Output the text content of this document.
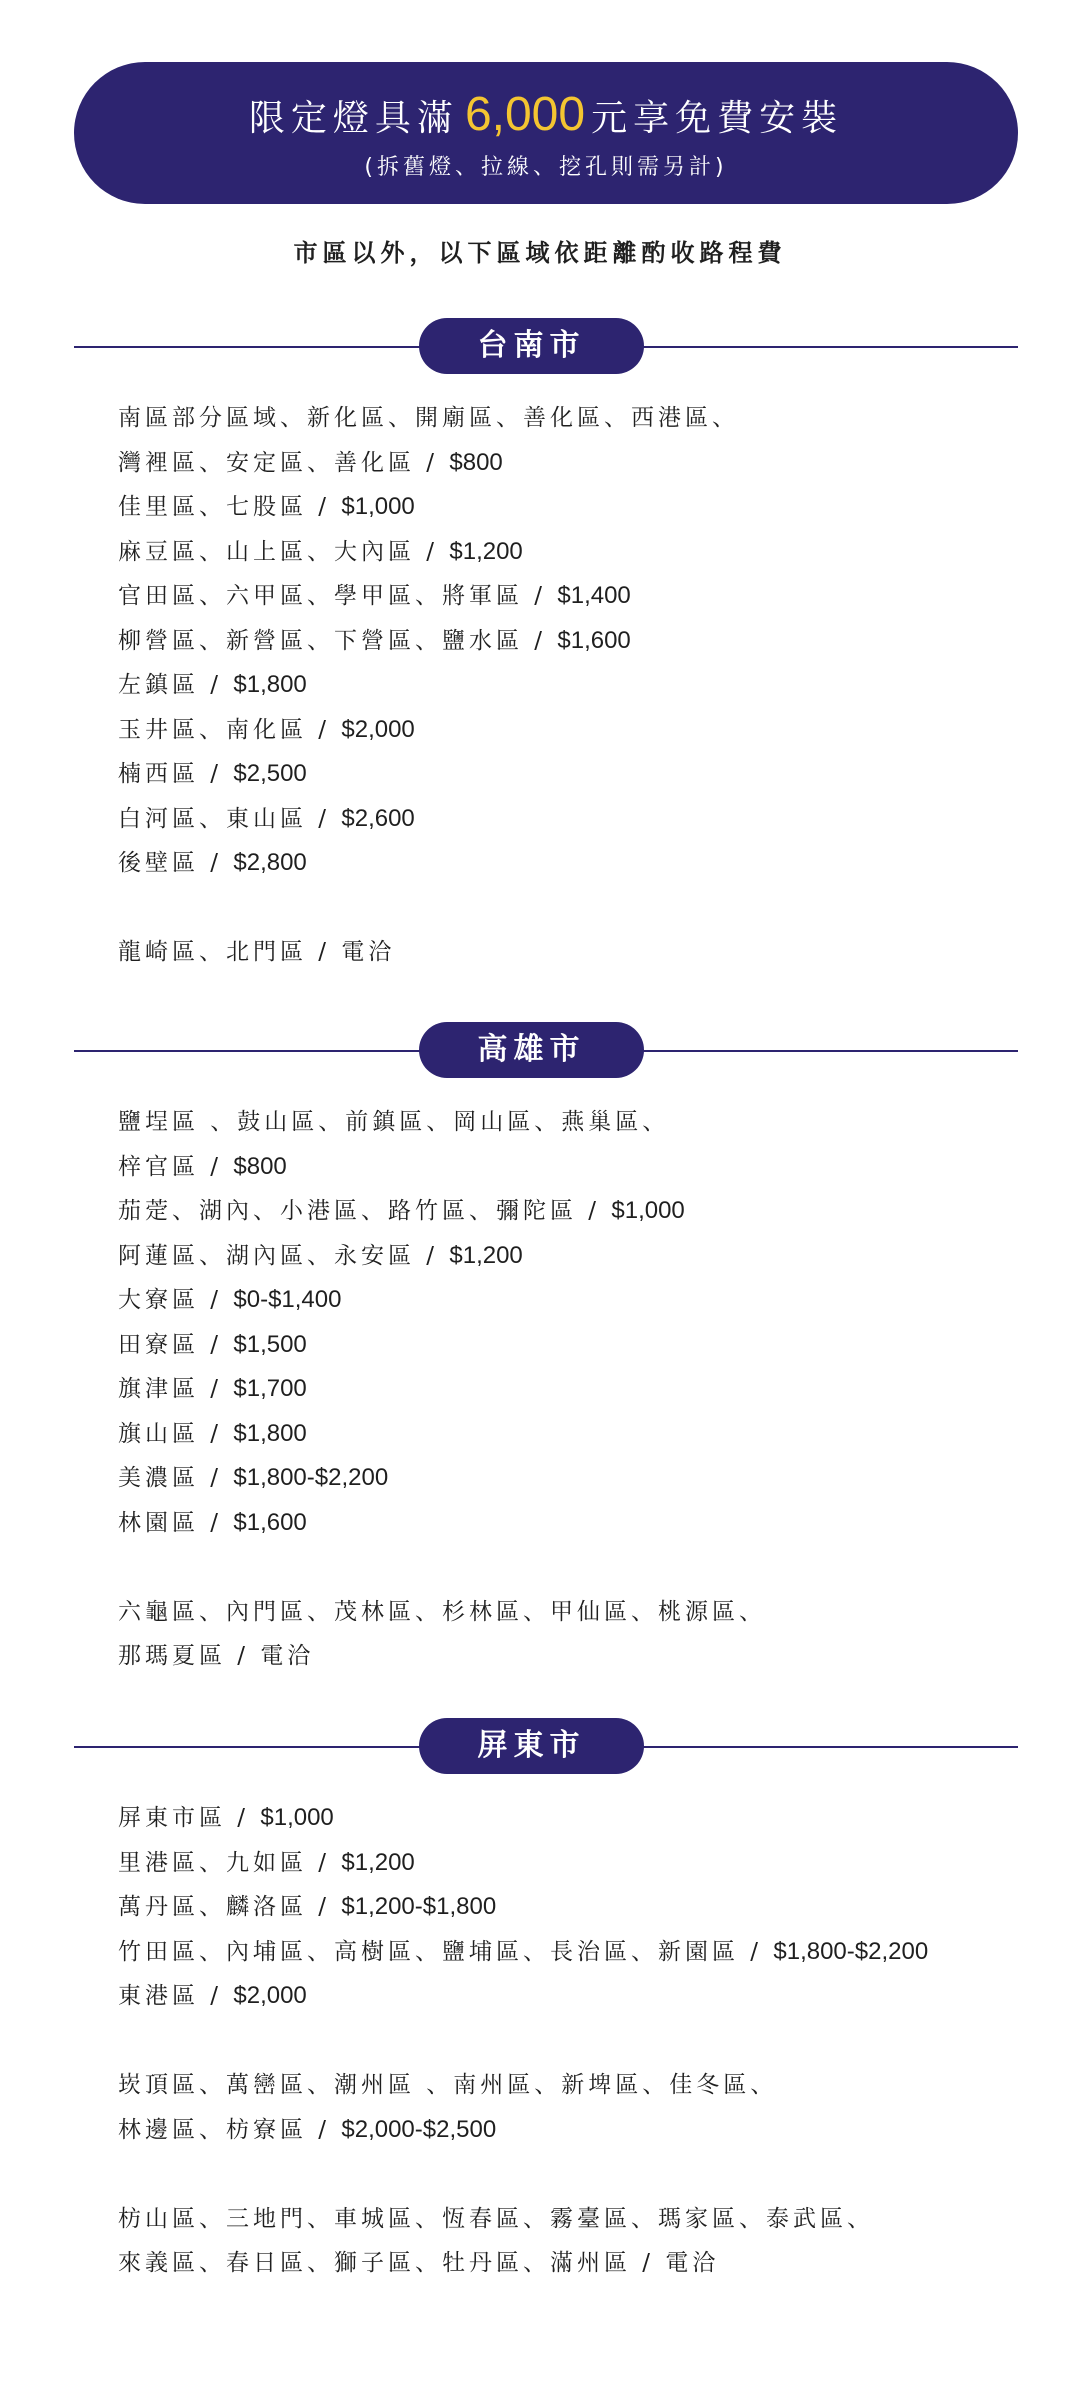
限定燈具滿 6,000 元享免費安裝
(拆舊燈、拉線、挖孔則需另計)
市區以外，以下區域依距離酌收路程費
台南市
南區部分區域、新化區、開廟區、善化區、西港區、
灣裡區、安定區、善化區 / $800
佳里區、七股區 / $1,000
麻豆區、山上區、大內區 / $1,200
官田區、六甲區、學甲區、將軍區 / $1,400
柳營區、新營區、下營區、鹽水區 / $1,600
左鎮區 / $1,800
玉井區、南化區 / $2,000
楠西區 / $2,500
白河區、東山區 / $2,600
後壁區 / $2,800
龍崎區、北門區 / 電洽
高雄市
鹽埕區 、鼓山區、前鎮區、岡山區、燕巢區、
梓官區 / $800
茄萣、湖內、小港區、路竹區、彌陀區 / $1,000
阿蓮區、湖內區、永安區 / $1,200
大寮區 / $0-$1,400
田寮區 / $1,500
旗津區 / $1,700
旗山區 / $1,800
美濃區 / $1,800-$2,200
林園區 / $1,600
六龜區、內門區、茂林區、杉林區、甲仙區、桃源區、
那瑪夏區 / 電洽
屏東市
屏東市區 / $1,000
里港區、九如區 / $1,200
萬丹區、麟洛區 / $1,200-$1,800
竹田區、內埔區、高樹區、鹽埔區、長治區、新園區 / $1,800-$2,200
東港區 / $2,000
崁頂區、萬巒區、潮州區 、南州區、新埤區、佳冬區、
林邊區、枋寮區 / $2,000-$2,500
枋山區、三地門、車城區、恆春區、霧臺區、瑪家區、泰武區、
來義區、春日區、獅子區、牡丹區、滿州區 / 電洽
